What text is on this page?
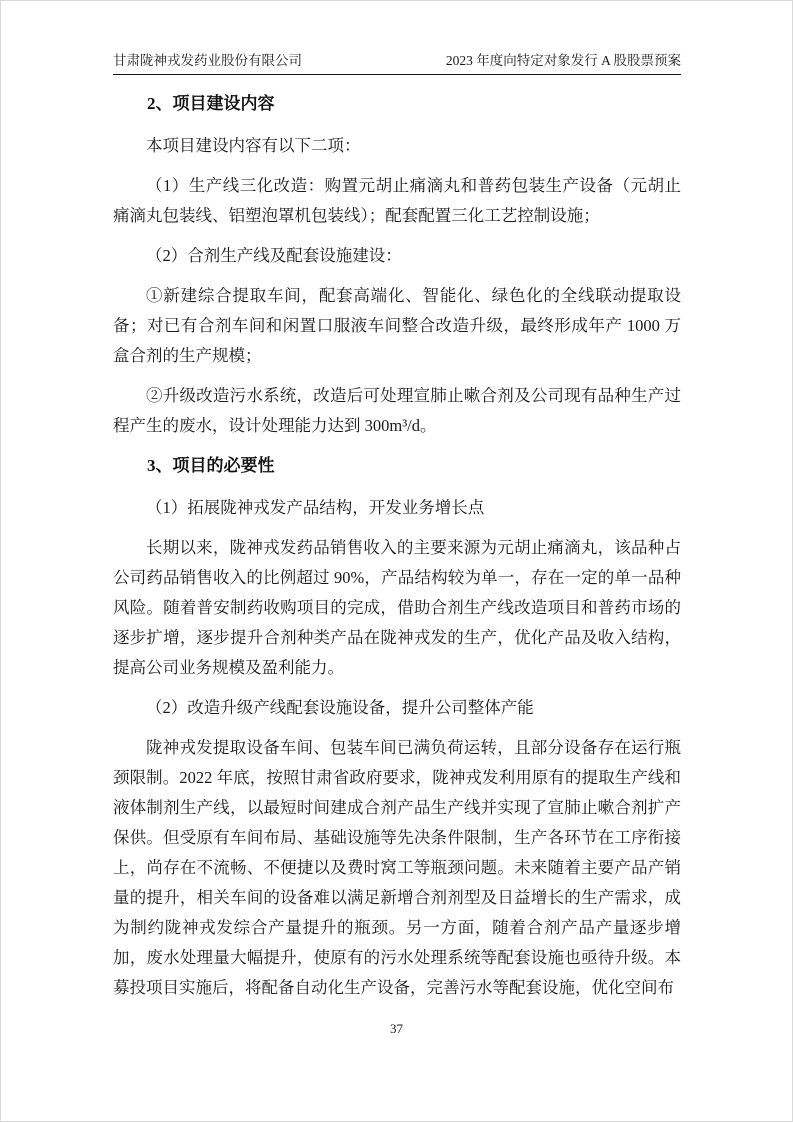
甘肃陇神戎发药业股份有限公司	2023 年度向特定对象发行 A 股股票预案
2、项目建设内容

本项目建设内容有以下二项：

（1）生产线三化改造：购置元胡止痛滴丸和普药包装生产设备（元胡止痛滴丸包装线、铝塑泡罩机包装线）；配套配置三化工艺控制设施；

（2）合剂生产线及配套设施建设：

①新建综合提取车间，配套高端化、智能化、绿色化的全线联动提取设备；对已有合剂车间和闲置口服液车间整合改造升级，最终形成年产 1000 万盒合剂的生产规模；

②升级改造污水系统，改造后可处理宣肺止嗽合剂及公司现有品种生产过程产生的废水，设计处理能力达到 300m³/d。

3、项目的必要性

（1）拓展陇神戎发产品结构，开发业务增长点

长期以来，陇神戎发药品销售收入的主要来源为元胡止痛滴丸，该品种占公司药品销售收入的比例超过 90%，产品结构较为单一，存在一定的单一品种风险。随着普安制药收购项目的完成，借助合剂生产线改造项目和普药市场的逐步扩增，逐步提升合剂种类产品在陇神戎发的生产，优化产品及收入结构，提高公司业务规模及盈利能力。

（2）改造升级产线配套设施设备，提升公司整体产能

陇神戎发提取设备车间、包装车间已满负荷运转，且部分设备存在运行瓶颈限制。2022 年底，按照甘肃省政府要求，陇神戎发利用原有的提取生产线和液体制剂生产线，以最短时间建成合剂产品生产线并实现了宣肺止嗽合剂扩产保供。但受原有车间布局、基础设施等先决条件限制，生产各环节在工序衔接上，尚存在不流畅、不便捷以及费时窝工等瓶颈问题。未来随着主要产品产销量的提升，相关车间的设备难以满足新增合剂剂型及日益增长的生产需求，成为制约陇神戎发综合产量提升的瓶颈。另一方面，随着合剂产品产量逐步增加，废水处理量大幅提升，使原有的污水处理系统等配套设施也亟待升级。本募投项目实施后，将配备自动化生产设备，完善污水等配套设施，优化空间布

37
